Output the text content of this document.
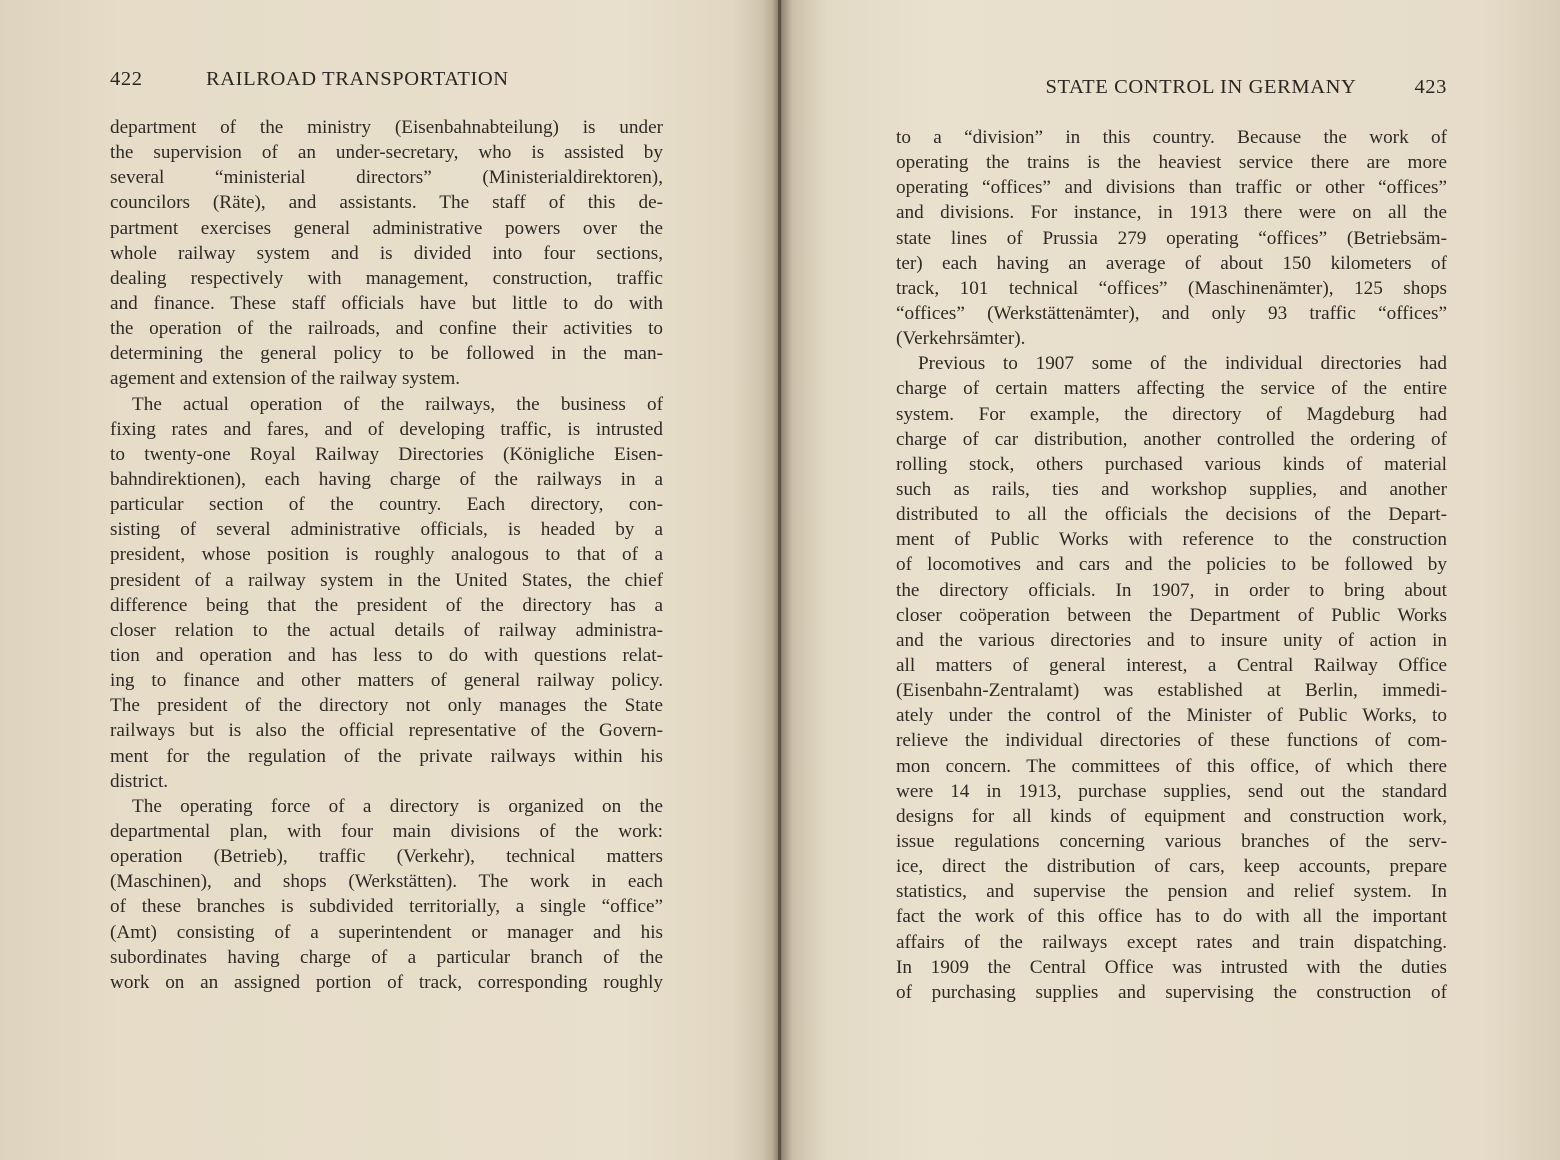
422	RAILROAD TRANSPORTATION
department of the ministry (Eisenbahnabteilung) is under
the supervision of an under-secretary, who is assisted by
several “ministerial directors” (Ministerialdirektoren),
councilors (Räte), and assistants. The staff of this de-
partment exercises general administrative powers over the
whole railway system and is divided into four sections,
dealing respectively with management, construction, traffic
and finance. These staff officials have but little to do with
the operation of the railroads, and confine their activities to
determining the general policy to be followed in the man-
agement and extension of the railway system.
The actual operation of the railways, the business of
fixing rates and fares, and of developing traffic, is intrusted
to twenty-one Royal Railway Directories (Königliche Eisen-
bahndirektionen), each having charge of the railways in a
particular section of the country. Each directory, con-
sisting of several administrative officials, is headed by a
president, whose position is roughly analogous to that of a
president of a railway system in the United States, the chief
difference being that the president of the directory has a
closer relation to the actual details of railway administra-
tion and operation and has less to do with questions relat-
ing to finance and other matters of general railway policy.
The president of the directory not only manages the State
railways but is also the official representative of the Govern-
ment for the regulation of the private railways within his
district.
The operating force of a directory is organized on the
departmental plan, with four main divisions of the work:
operation (Betrieb), traffic (Verkehr), technical matters
(Maschinen), and shops (Werkstätten). The work in each
of these branches is subdivided territorially, a single “office”
(Amt) consisting of a superintendent or manager and his
subordinates having charge of a particular branch of the
work on an assigned portion of track, corresponding roughly
STATE CONTROL IN GERMANY	423
to a “division” in this country. Because the work of
operating the trains is the heaviest service there are more
operating “offices” and divisions than traffic or other “offices”
and divisions. For instance, in 1913 there were on all the
state lines of Prussia 279 operating “offices” (Betriebsäm-
ter) each having an average of about 150 kilometers of
track, 101 technical “offices” (Maschinenämter), 125 shops
“offices” (Werkstättenämter), and only 93 traffic “offices”
(Verkehrsämter).
Previous to 1907 some of the individual directories had
charge of certain matters affecting the service of the entire
system. For example, the directory of Magdeburg had
charge of car distribution, another controlled the ordering of
rolling stock, others purchased various kinds of material
such as rails, ties and workshop supplies, and another
distributed to all the officials the decisions of the Depart-
ment of Public Works with reference to the construction
of locomotives and cars and the policies to be followed by
the directory officials. In 1907, in order to bring about
closer coöperation between the Department of Public Works
and the various directories and to insure unity of action in
all matters of general interest, a Central Railway Office
(Eisenbahn-Zentralamt) was established at Berlin, immedi-
ately under the control of the Minister of Public Works, to
relieve the individual directories of these functions of com-
mon concern. The committees of this office, of which there
were 14 in 1913, purchase supplies, send out the standard
designs for all kinds of equipment and construction work,
issue regulations concerning various branches of the serv-
ice, direct the distribution of cars, keep accounts, prepare
statistics, and supervise the pension and relief system. In
fact the work of this office has to do with all the important
affairs of the railways except rates and train dispatching.
In 1909 the Central Office was intrusted with the duties
of purchasing supplies and supervising the construction of
